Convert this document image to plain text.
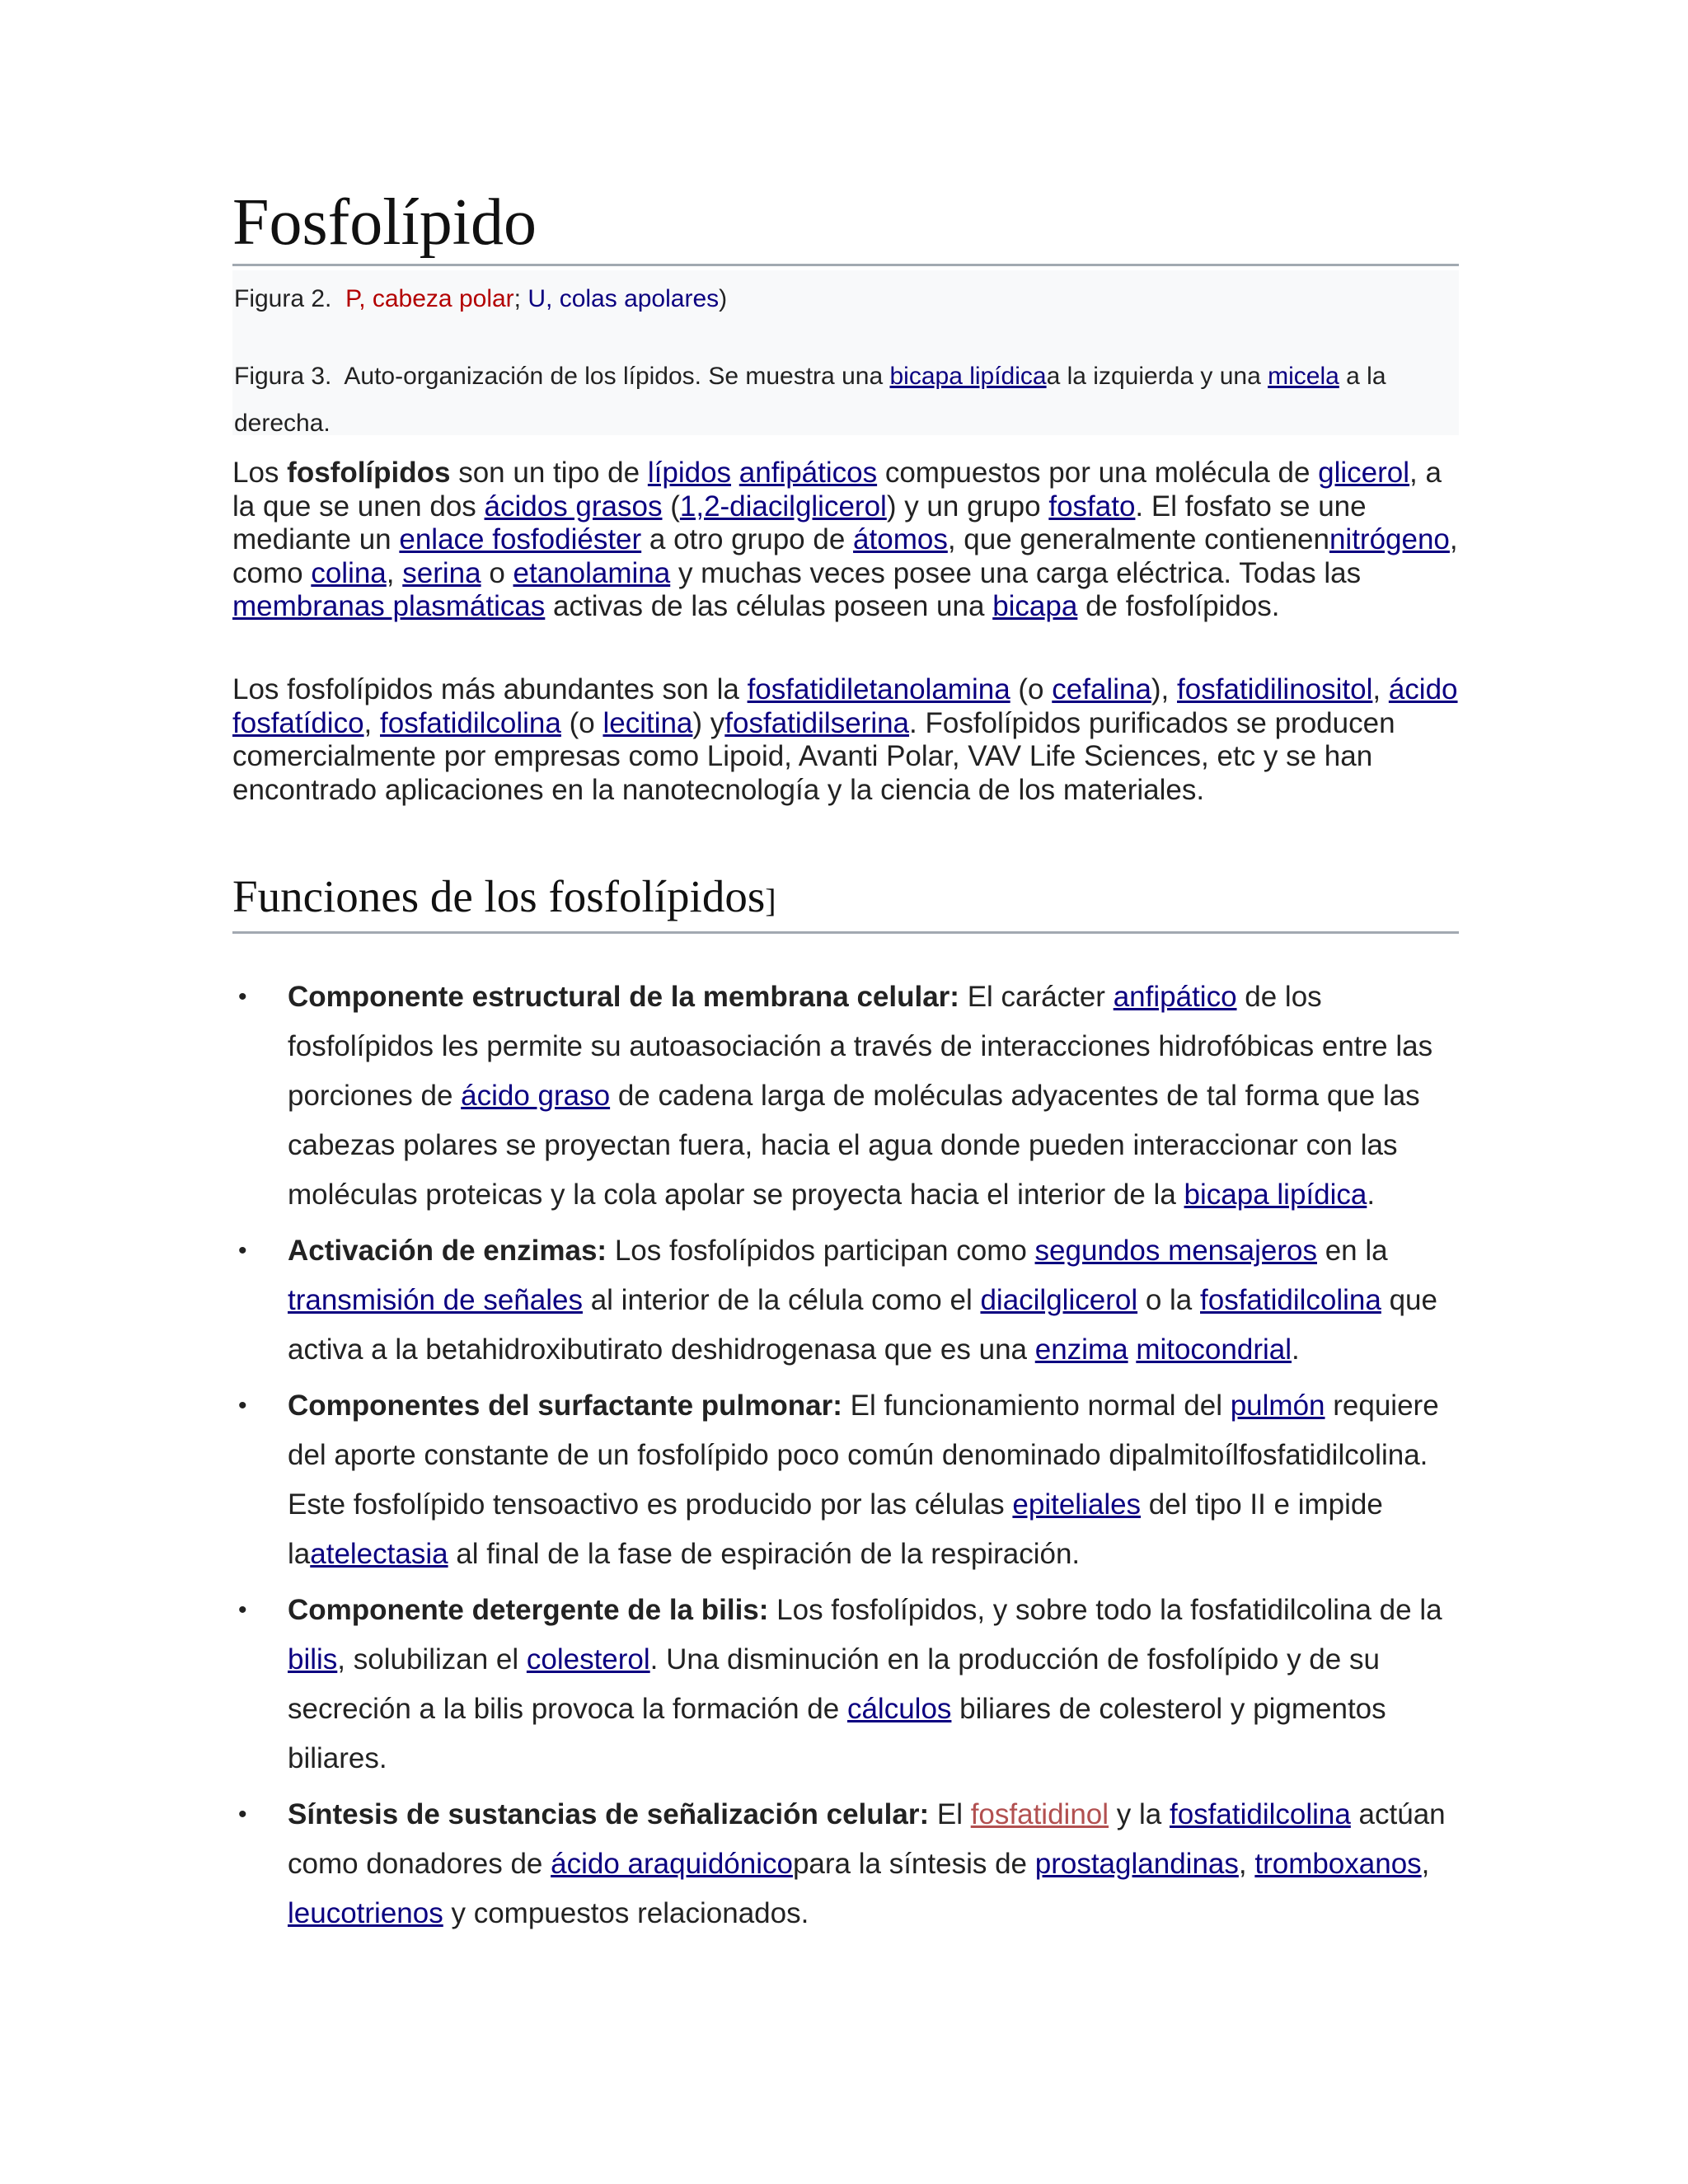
Fosfolípido
Figura 2. P, cabeza polar; U, colas apolares)
Figura 3. Auto-organización de los lípidos. Se muestra una bicapa lipídicaa la izquierda y una micela a la derecha.

Los fosfolípidos son un tipo de lípidos anfipáticos compuestos por una molécula de glicerol, a la que se unen dos ácidos grasos (1,2-diacilglicerol) y un grupo fosfato. El fosfato se une mediante un enlace fosfodiéster a otro grupo de átomos, que generalmente contienennitrógeno, como colina, serina o etanolamina y muchas veces posee una carga eléctrica. Todas las membranas plasmáticas activas de las células poseen una bicapa de fosfolípidos.

Los fosfolípidos más abundantes son la fosfatidiletanolamina (o cefalina), fosfatidilinositol, ácido fosfatídico, fosfatidilcolina (o lecitina) yfosfatidilserina. Fosfolípidos purificados se producen comercialmente por empresas como Lipoid, Avanti Polar, VAV Life Sciences, etc y se han encontrado aplicaciones en la nanotecnología y la ciencia de los materiales.

Funciones de los fosfolípidos]
• Componente estructural de la membrana celular: El carácter anfipático de los fosfolípidos les permite su autoasociación a través de interacciones hidrofóbicas entre las porciones de ácido graso de cadena larga de moléculas adyacentes de tal forma que las cabezas polares se proyectan fuera, hacia el agua donde pueden interaccionar con las moléculas proteicas y la cola apolar se proyecta hacia el interior de la bicapa lipídica.
• Activación de enzimas: Los fosfolípidos participan como segundos mensajeros en la transmisión de señales al interior de la célula como el diacilglicerol o la fosfatidilcolina que activa a la betahidroxibutirato deshidrogenasa que es una enzima mitocondrial.
• Componentes del surfactante pulmonar: El funcionamiento normal del pulmón requiere del aporte constante de un fosfolípido poco común denominado dipalmitoílfosfatidilcolina. Este fosfolípido tensoactivo es producido por las células epiteliales del tipo II e impide laatelectasia al final de la fase de espiración de la respiración.
• Componente detergente de la bilis: Los fosfolípidos, y sobre todo la fosfatidilcolina de la bilis, solubilizan el colesterol. Una disminución en la producción de fosfolípido y de su secreción a la bilis provoca la formación de cálculos biliares de colesterol y pigmentos biliares.
• Síntesis de sustancias de señalización celular: El fosfatidinol y la fosfatidilcolina actúan como donadores de ácido araquidónicopara la síntesis de prostaglandinas, tromboxanos, leucotrienos y compuestos relacionados.
